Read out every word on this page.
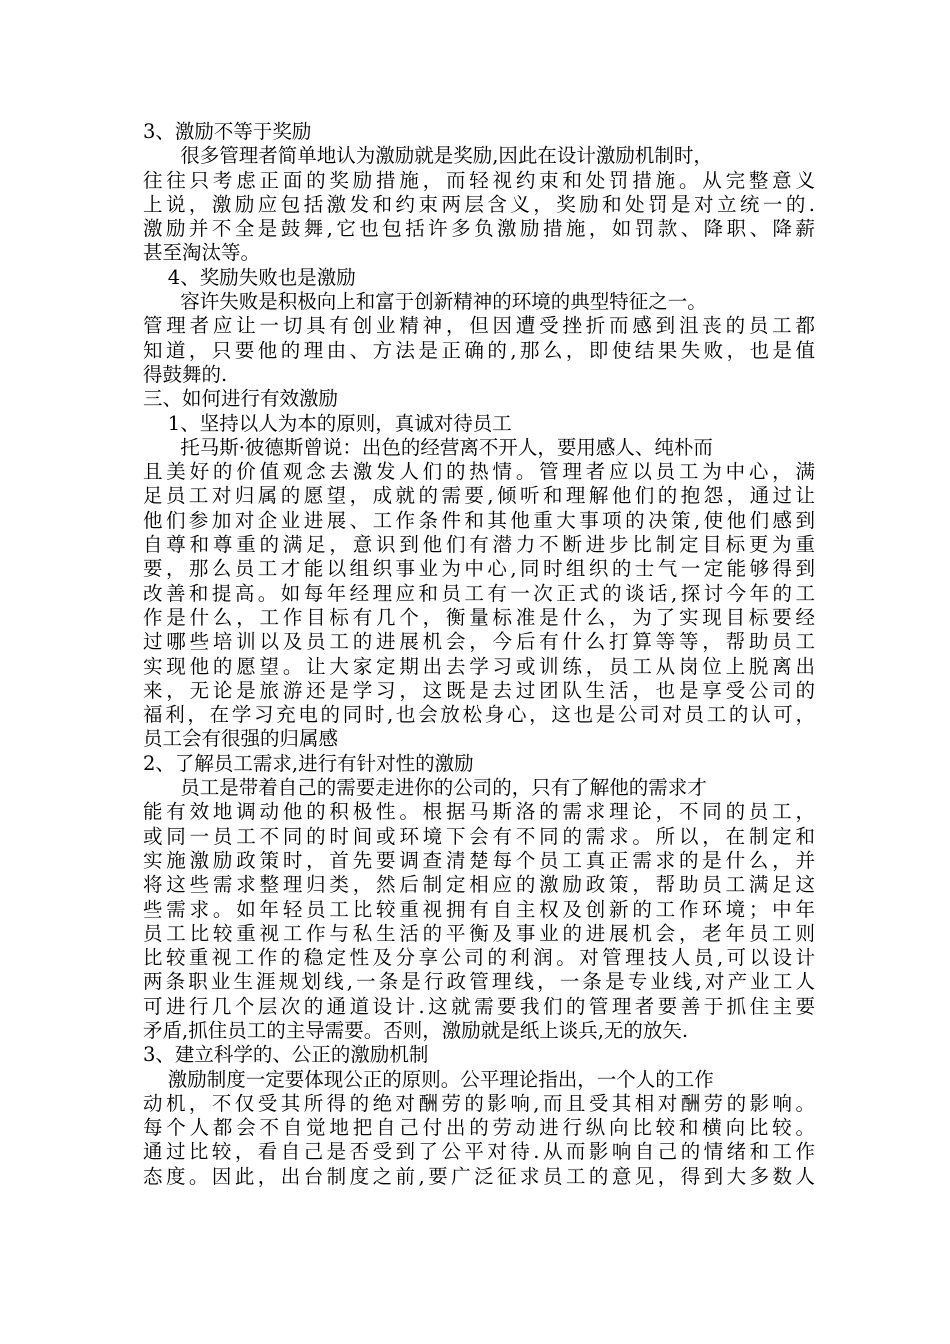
3、激励不等于奖励
很多管理者简单地认为激励就是奖励,因此在设计激励机制时，
往往只考虑正面的奖励措施，而轻视约束和处罚措施。从完整意义
上说，激励应包括激发和约束两层含义，奖励和处罚是对立统一的.
激励并不全是鼓舞,它也包括许多负激励措施，如罚款、降职、降薪
甚至淘汰等。
4、奖励失败也是激励
容许失败是积极向上和富于创新精神的环境的典型特征之一。
管理者应让一切具有创业精神，但因遭受挫折而感到沮丧的员工都
知道，只要他的理由、方法是正确的,那么，即使结果失败，也是值
得鼓舞的.
三、如何进行有效激励
1、坚持以人为本的原则，真诚对待员工
托马斯·彼德斯曾说：出色的经营离不开人，要用感人、纯朴而
且美好的价值观念去激发人们的热情。管理者应以员工为中心，满
足员工对归属的愿望，成就的需要,倾听和理解他们的抱怨，通过让
他们参加对企业进展、工作条件和其他重大事项的决策,使他们感到
自尊和尊重的满足，意识到他们有潜力不断进步比制定目标更为重
要，那么员工才能以组织事业为中心,同时组织的士气一定能够得到
改善和提高。如每年经理应和员工有一次正式的谈话,探讨今年的工
作是什么，工作目标有几个，衡量标准是什么，为了实现目标要经
过哪些培训以及员工的进展机会，今后有什么打算等等，帮助员工
实现他的愿望。让大家定期出去学习或训练，员工从岗位上脱离出
来，无论是旅游还是学习，这既是去过团队生活，也是享受公司的
福利，在学习充电的同时,也会放松身心，这也是公司对员工的认可，
员工会有很强的归属感
2、了解员工需求,进行有针对性的激励
员工是带着自己的需要走进你的公司的，只有了解他的需求才
能有效地调动他的积极性。根据马斯洛的需求理论，不同的员工，
或同一员工不同的时间或环境下会有不同的需求。所以，在制定和
实施激励政策时，首先要调查清楚每个员工真正需求的是什么，并
将这些需求整理归类，然后制定相应的激励政策，帮助员工满足这
些需求。如年轻员工比较重视拥有自主权及创新的工作环境；中年
员工比较重视工作与私生活的平衡及事业的进展机会，老年员工则
比较重视工作的稳定性及分享公司的利润。对管理技人员,可以设计
两条职业生涯规划线,一条是行政管理线，一条是专业线,对产业工人
可进行几个层次的通道设计.这就需要我们的管理者要善于抓住主要
矛盾,抓住员工的主导需要。否则，激励就是纸上谈兵,无的放矢.
3、建立科学的、公正的激励机制
激励制度一定要体现公正的原则。公平理论指出，一个人的工作
动机，不仅受其所得的绝对酬劳的影响,而且受其相对酬劳的影响。
每个人都会不自觉地把自己付出的劳动进行纵向比较和横向比较。
通过比较，看自己是否受到了公平对待.从而影响自己的情绪和工作
态度。因此，出台制度之前,要广泛征求员工的意见，得到大多数人
